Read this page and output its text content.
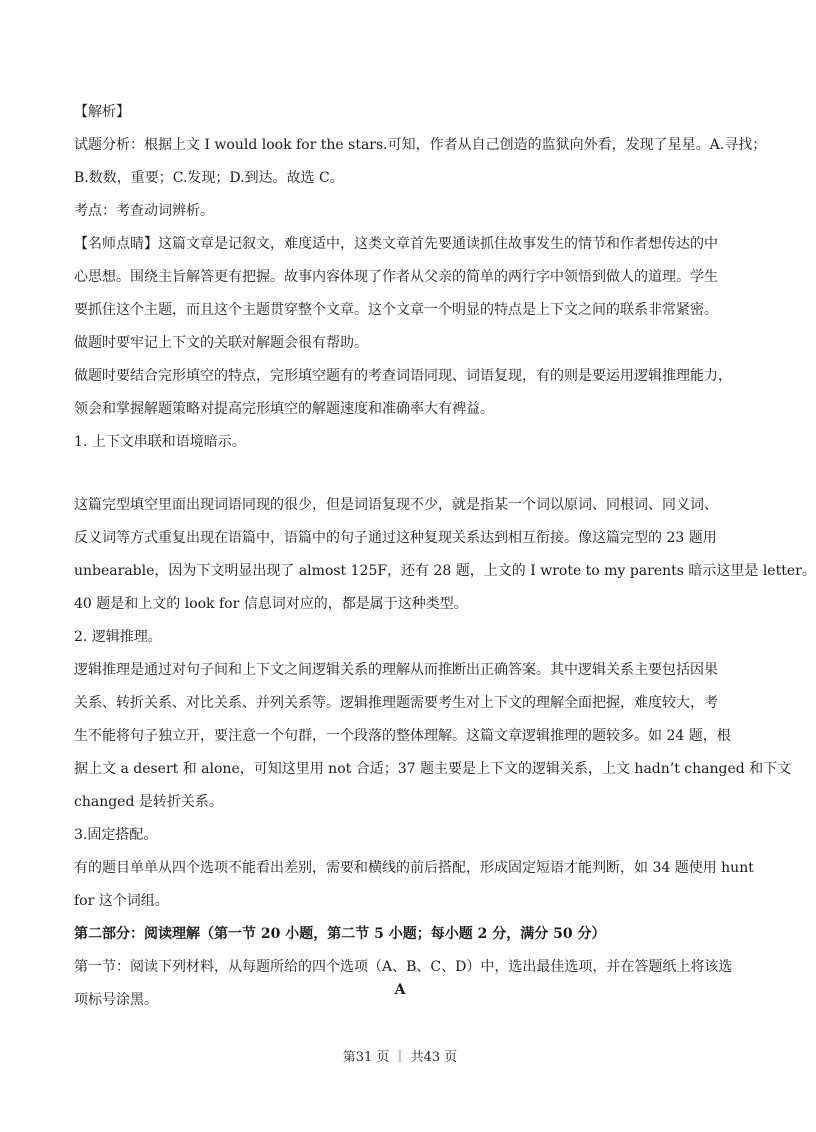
【解析】
试题分析：根据上文 I would look for the stars.可知，作者从自己创造的监狱向外看，发现了星星。A.寻找；
B.数数，重要；C.发现；D.到达。故选 C。
考点：考查动词辨析。
【名师点睛】这篇文章是记叙文，难度适中，这类文章首先要通读抓住故事发生的情节和作者想传达的中
心思想。围绕主旨解答更有把握。故事内容体现了作者从父亲的简单的两行字中领悟到做人的道理。学生
要抓住这个主题，而且这个主题贯穿整个文章。这个文章一个明显的特点是上下文之间的联系非常紧密。
做题时要牢记上下文的关联对解题会很有帮助。
做题时要结合完形填空的特点，完形填空题有的考查词语同现、词语复现，有的则是要运用逻辑推理能力，
领会和掌握解题策略对提高完形填空的解题速度和准确率大有裨益。
1. 上下文串联和语境暗示。
这篇完型填空里面出现词语同现的很少，但是词语复现不少，就是指某一个词以原词、同根词、同义词、
反义词等方式重复出现在语篇中，语篇中的句子通过这种复现关系达到相互衔接。像这篇完型的 23 题用
unbearable，因为下文明显出现了 almost 125F，还有 28 题，上文的 I wrote to my parents 暗示这里是 letter。
40 题是和上文的 look for 信息词对应的，都是属于这种类型。
2. 逻辑推理。
逻辑推理是通过对句子间和上下文之间逻辑关系的理解从而推断出正确答案。其中逻辑关系主要包括因果
关系、转折关系、对比关系、并列关系等。逻辑推理题需要考生对上下文的理解全面把握，难度较大，考
生不能将句子独立开，要注意一个句群，一个段落的整体理解。这篇文章逻辑推理的题较多。如 24 题，根
据上文 a desert 和 alone，可知这里用 not 合适；37 题主要是上下文的逻辑关系，上文 hadn’t changed 和下文
changed 是转折关系。
3.固定搭配。
有的题目单单从四个选项不能看出差别，需要和横线的前后搭配，形成固定短语才能判断，如 34 题使用 hunt
for 这个词组。
第二部分：阅读理解（第一节 20 小题，第二节 5 小题；每小题 2 分，满分 50 分）
第一节：阅读下列材料，从每题所给的四个选项（A、B、C、D）中，选出最佳选项，并在答题纸上将该选
项标号涂黑。
A
第31 页 ｜ 共43 页
